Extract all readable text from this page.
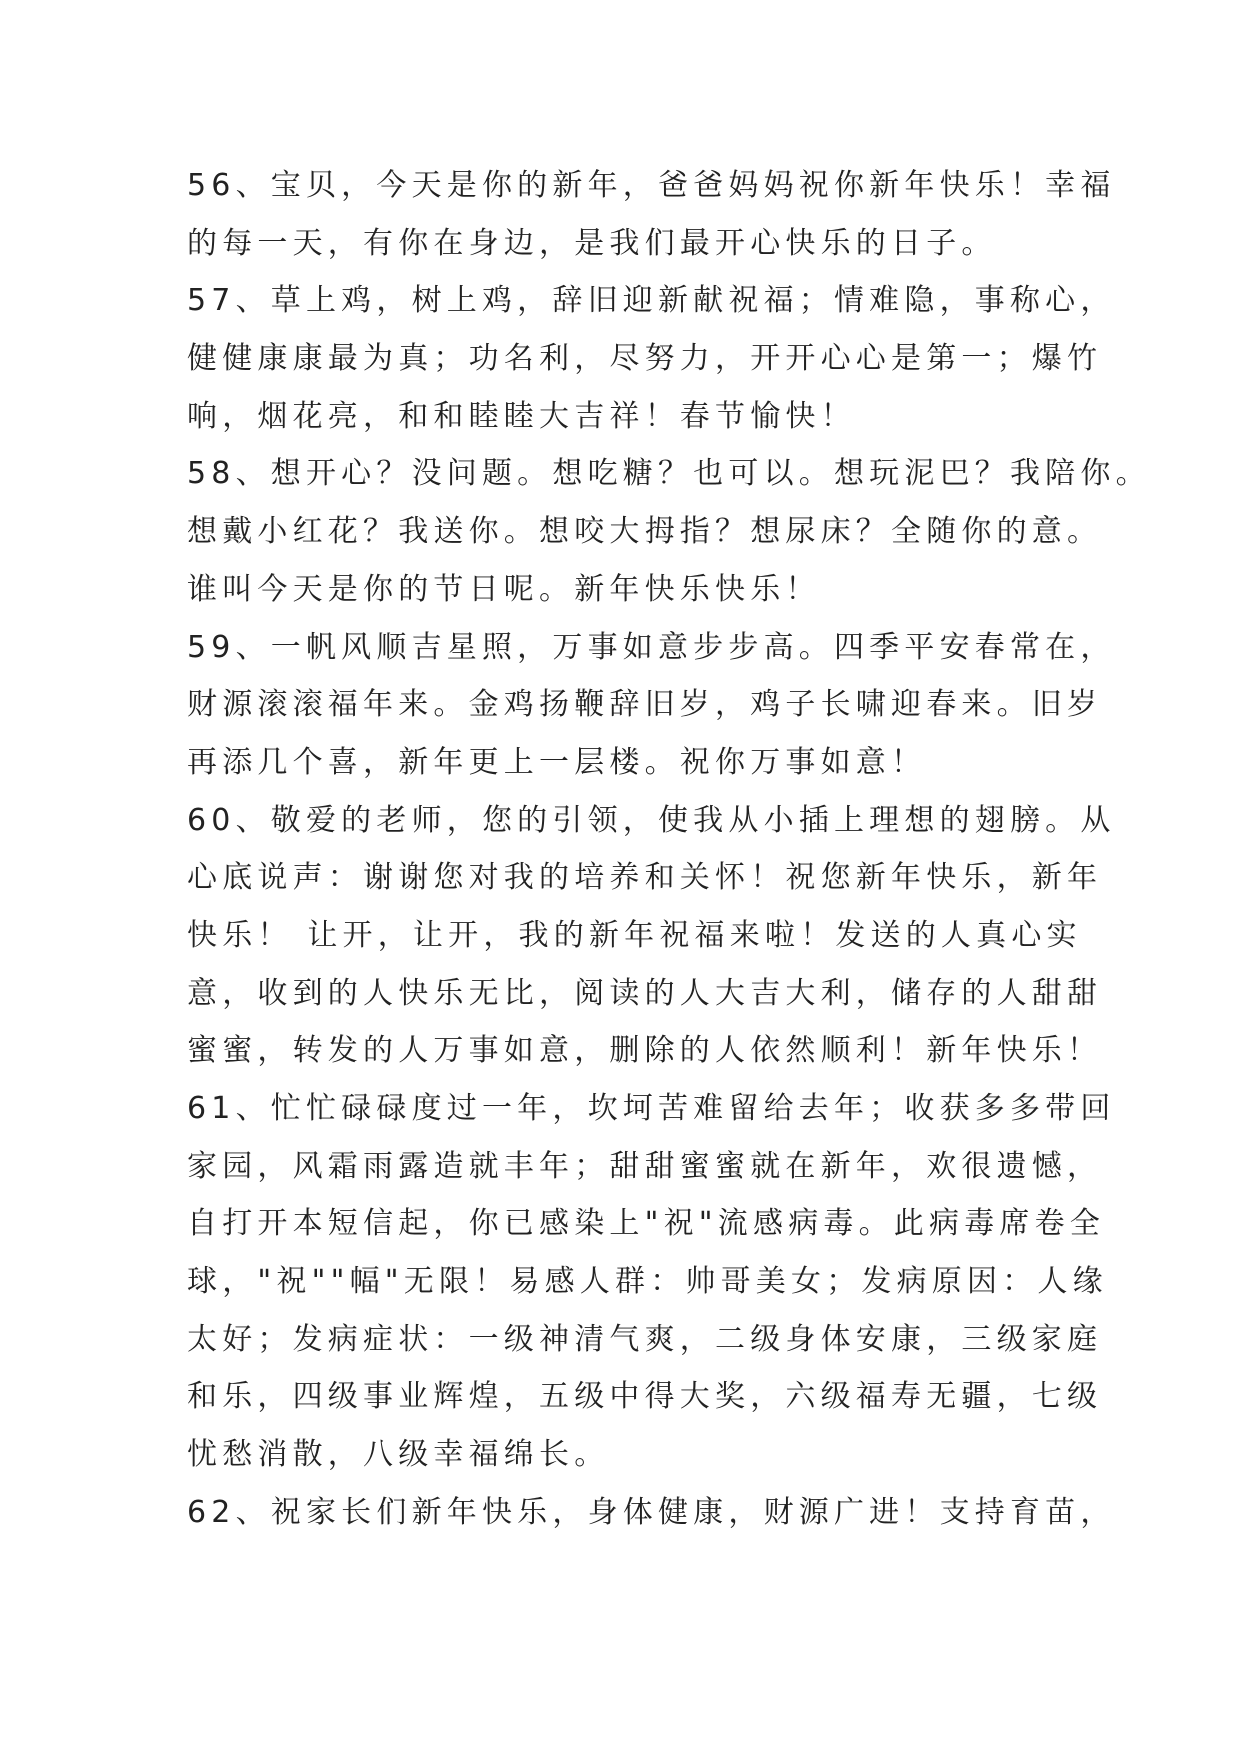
56、宝贝，今天是你的新年，爸爸妈妈祝你新年快乐！幸福
的每一天，有你在身边，是我们最开心快乐的日子。
57、草上鸡，树上鸡，辞旧迎新献祝福；情难隐，事称心，
健健康康最为真；功名利，尽努力，开开心心是第一；爆竹
响，烟花亮，和和睦睦大吉祥！春节愉快！
58、想开心？没问题。想吃糖？也可以。想玩泥巴？我陪你。
想戴小红花？我送你。想咬大拇指？想尿床？全随你的意。
谁叫今天是你的节日呢。新年快乐快乐！
59、一帆风顺吉星照，万事如意步步高。四季平安春常在，
财源滚滚福年来。金鸡扬鞭辞旧岁，鸡子长啸迎春来。旧岁
再添几个喜，新年更上一层楼。祝你万事如意！
60、敬爱的老师，您的引领，使我从小插上理想的翅膀。从
心底说声：谢谢您对我的培养和关怀！祝您新年快乐，新年
快乐！ 让开，让开，我的新年祝福来啦！发送的人真心实
意，收到的人快乐无比，阅读的人大吉大利，储存的人甜甜
蜜蜜，转发的人万事如意，删除的人依然顺利！新年快乐！
61、忙忙碌碌度过一年，坎坷苦难留给去年；收获多多带回
家园，风霜雨露造就丰年；甜甜蜜蜜就在新年，欢很遗憾，
自打开本短信起，你已感染上"祝"流感病毒。此病毒席卷全
球，"祝""幅"无限！易感人群：帅哥美女；发病原因：人缘
太好；发病症状：一级神清气爽，二级身体安康，三级家庭
和乐，四级事业辉煌，五级中得大奖，六级福寿无疆，七级
忧愁消散，八级幸福绵长。
62、祝家长们新年快乐，身体健康，财源广进！支持育苗，
